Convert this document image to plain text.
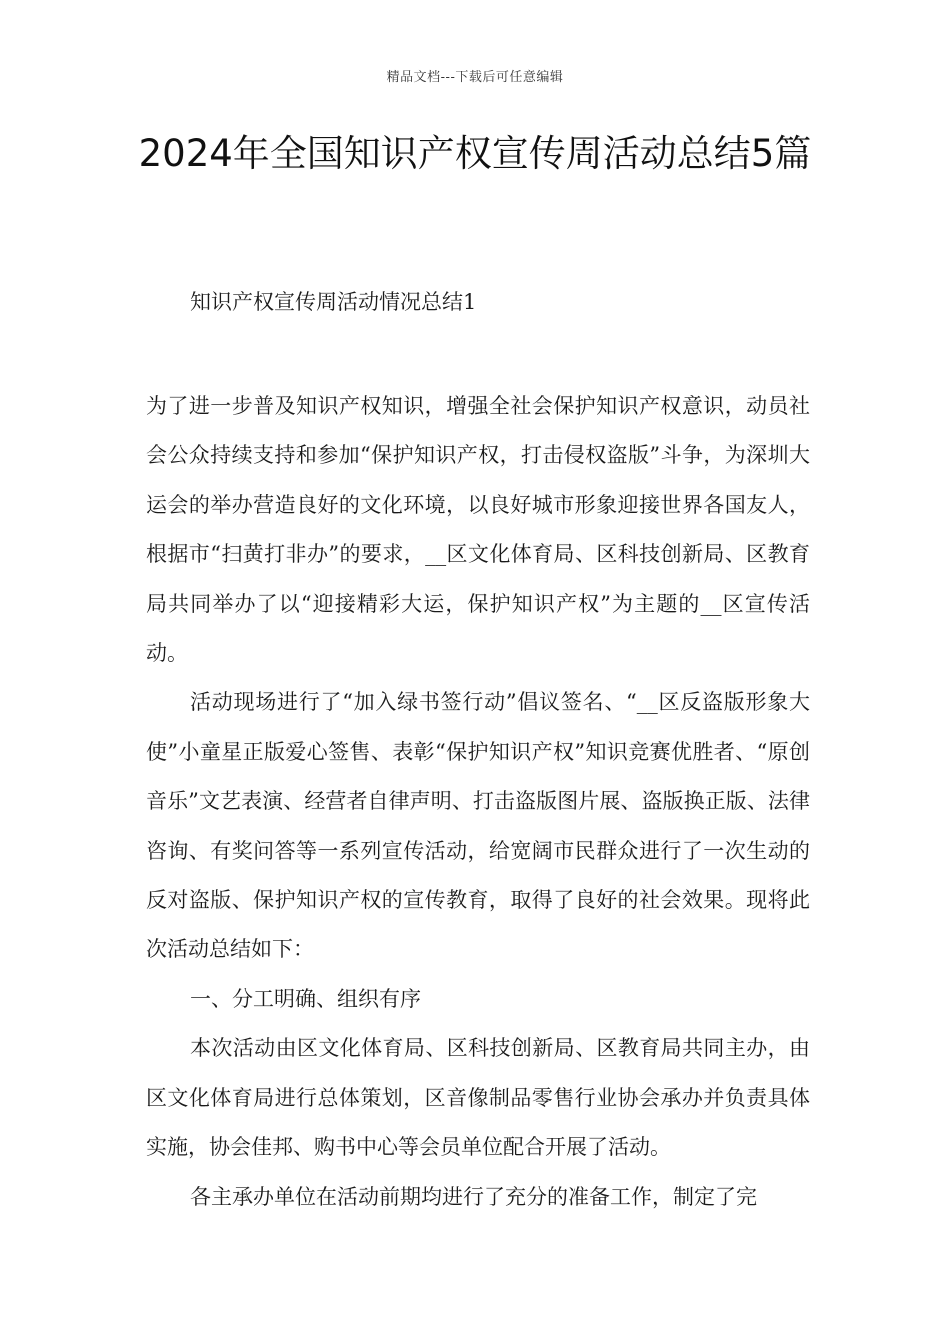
精品文档---下载后可任意编辑
2024年全国知识产权宣传周活动总结5篇
知识产权宣传周活动情况总结1

为了进一步普及知识产权知识，增强全社会保护知识产权意识，动员社会公众持续支持和参加“保护知识产权，打击侵权盗版”斗争，为深圳大运会的举办营造良好的文化环境，以良好城市形象迎接世界各国友人，根据市“扫黄打非办”的要求，__区文化体育局、区科技创新局、区教育局共同举办了以“迎接精彩大运，保护知识产权”为主题的__区宣传活动。

活动现场进行了“加入绿书签行动”倡议签名、“__区反盗版形象大使”小童星正版爱心签售、表彰“保护知识产权”知识竞赛优胜者、“原创音乐”文艺表演、经营者自律声明、打击盗版图片展、盗版换正版、法律咨询、有奖问答等一系列宣传活动，给宽阔市民群众进行了一次生动的反对盗版、保护知识产权的宣传教育，取得了良好的社会效果。现将此次活动总结如下：

一、分工明确、组织有序

本次活动由区文化体育局、区科技创新局、区教育局共同主办，由区文化体育局进行总体策划，区音像制品零售行业协会承办并负责具体实施，协会佳邦、购书中心等会员单位配合开展了活动。

各主承办单位在活动前期均进行了充分的准备工作，制定了完
